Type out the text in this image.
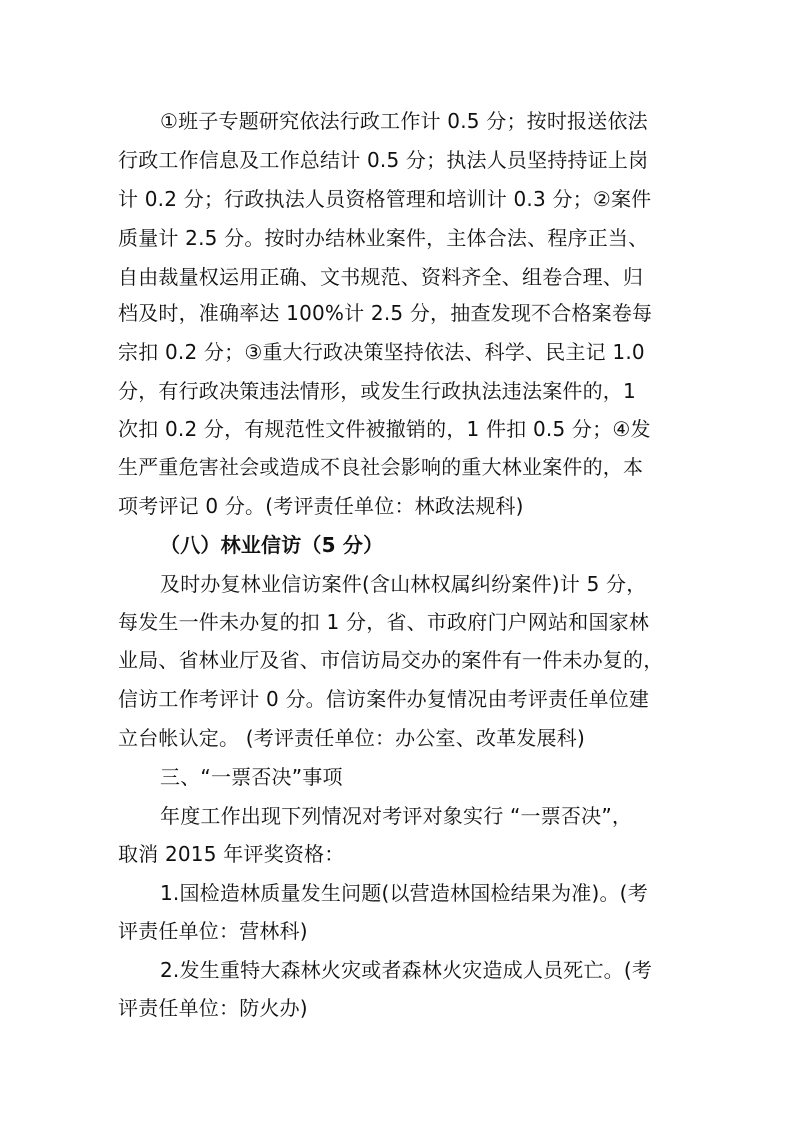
①班子专题研究依法行政工作计 0.5 分；按时报送依法
行政工作信息及工作总结计 0.5 分；执法人员坚持持证上岗
计 0.2 分；行政执法人员资格管理和培训计 0.3 分；②案件
质量计 2.5 分。按时办结林业案件，主体合法、程序正当、
自由裁量权运用正确、文书规范、资料齐全、组卷合理、归
档及时，准确率达 100%计 2.5 分，抽查发现不合格案卷每
宗扣 0.2 分；③重大行政决策坚持依法、科学、民主记 1.0
分，有行政决策违法情形，或发生行政执法违法案件的，1
次扣 0.2 分，有规范性文件被撤销的，1 件扣 0.5 分；④发
生严重危害社会或造成不良社会影响的重大林业案件的，本
项考评记 0 分。(考评责任单位：林政法规科)
（八）林业信访（5 分）
及时办复林业信访案件(含山林权属纠纷案件)计 5 分，
每发生一件未办复的扣 1 分，省、市政府门户网站和国家林
业局、省林业厅及省、市信访局交办的案件有一件未办复的，
信访工作考评计 0 分。信访案件办复情况由考评责任单位建
立台帐认定。 (考评责任单位：办公室、改革发展科)
三、“一票否决”事项
年度工作出现下列情况对考评对象实行 “一票否决”，
取消 2015 年评奖资格：
1.国检造林质量发生问题(以营造林国检结果为准)。(考
评责任单位：营林科)
2.发生重特大森林火灾或者森林火灾造成人员死亡。(考
评责任单位：防火办)
